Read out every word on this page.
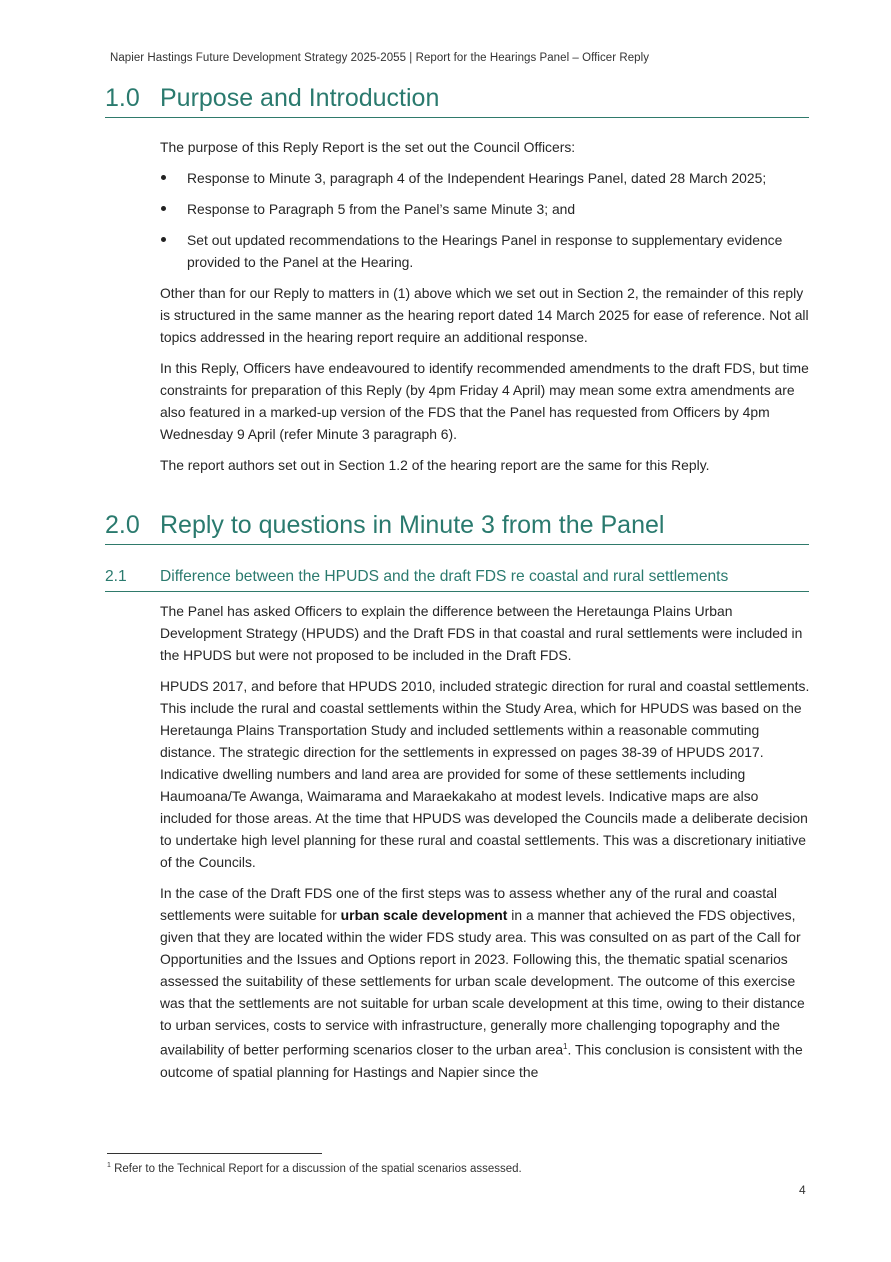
Napier Hastings Future Development Strategy 2025-2055 | Report for the Hearings Panel – Officer Reply
1.0 Purpose and Introduction

The purpose of this Reply Report is the set out the Council Officers:

Response to Minute 3, paragraph 4 of the Independent Hearings Panel, dated 28 March 2025;
Response to Paragraph 5 from the Panel’s same Minute 3; and
Set out updated recommendations to the Hearings Panel in response to supplementary evidence provided to the Panel at the Hearing.

Other than for our Reply to matters in (1) above which we set out in Section 2, the remainder of this reply is structured in the same manner as the hearing report dated 14 March 2025 for ease of reference. Not all topics addressed in the hearing report require an additional response.

In this Reply, Officers have endeavoured to identify recommended amendments to the draft FDS, but time constraints for preparation of this Reply (by 4pm Friday 4 April) may mean some extra amendments are also featured in a marked-up version of the FDS that the Panel has requested from Officers by 4pm Wednesday 9 April (refer Minute 3 paragraph 6).

The report authors set out in Section 1.2 of the hearing report are the same for this Reply.

2.0 Reply to questions in Minute 3 from the Panel
2.1 Difference between the HPUDS and the draft FDS re coastal and rural settlements

The Panel has asked Officers to explain the difference between the Heretaunga Plains Urban Development Strategy (HPUDS) and the Draft FDS in that coastal and rural settlements were included in the HPUDS but were not proposed to be included in the Draft FDS.

HPUDS 2017, and before that HPUDS 2010, included strategic direction for rural and coastal settlements. This include the rural and coastal settlements within the Study Area, which for HPUDS was based on the Heretaunga Plains Transportation Study and included settlements within a reasonable commuting distance. The strategic direction for the settlements in expressed on pages 38-39 of HPUDS 2017. Indicative dwelling numbers and land area are provided for some of these settlements including Haumoana/Te Awanga, Waimarama and Maraekakaho at modest levels. Indicative maps are also included for those areas. At the time that HPUDS was developed the Councils made a deliberate decision to undertake high level planning for these rural and coastal settlements. This was a discretionary initiative of the Councils.

In the case of the Draft FDS one of the first steps was to assess whether any of the rural and coastal settlements were suitable for urban scale development in a manner that achieved the FDS objectives, given that they are located within the wider FDS study area. This was consulted on as part of the Call for Opportunities and the Issues and Options report in 2023. Following this, the thematic spatial scenarios assessed the suitability of these settlements for urban scale development. The outcome of this exercise was that the settlements are not suitable for urban scale development at this time, owing to their distance to urban services, costs to service with infrastructure, generally more challenging topography and the availability of better performing scenarios closer to the urban area$^1$. This conclusion is consistent with the outcome of spatial planning for Hastings and Napier since the

$^1$ Refer to the Technical Report for a discussion of the spatial scenarios assessed.
4
